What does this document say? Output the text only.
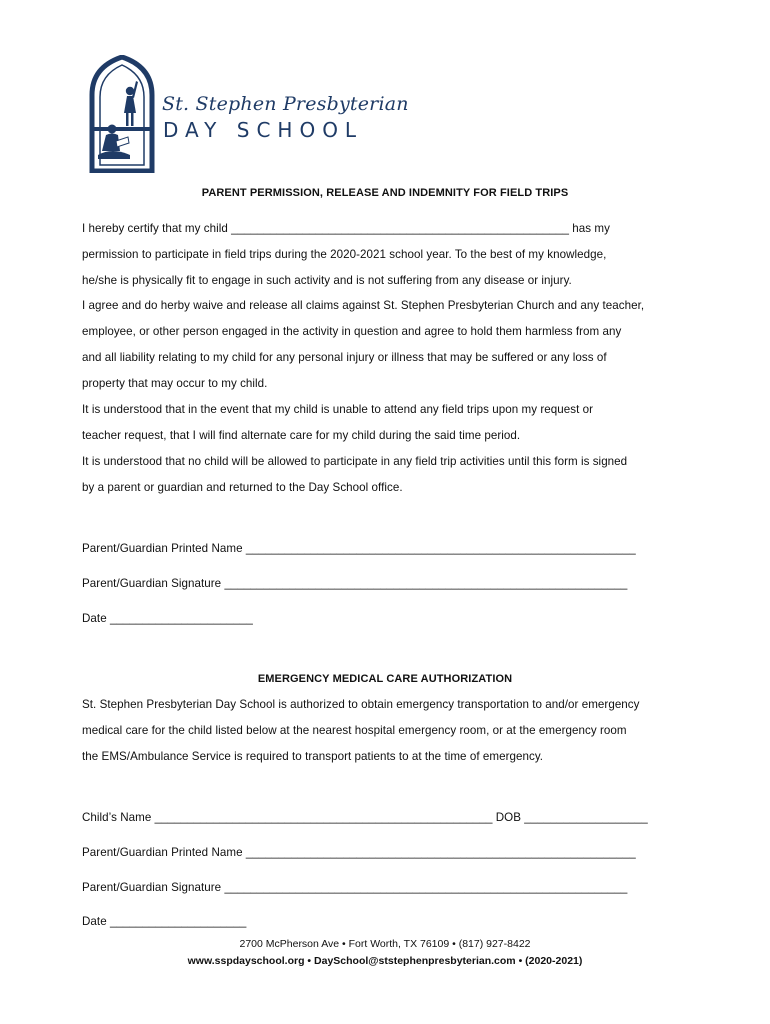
St. Stephen Presbyterian
DAY SCHOOL
PARENT PERMISSION, RELEASE AND INDEMNITY FOR FIELD TRIPS
I hereby certify that my child ____________________________________________________ has my
permission to participate in field trips during the 2020-2021 school year. To the best of my knowledge,
he/she is physically fit to engage in such activity and is not suffering from any disease or injury.
I agree and do herby waive and release all claims against St. Stephen Presbyterian Church and any teacher,
employee, or other person engaged in the activity in question and agree to hold them harmless from any
and all liability relating to my child for any personal injury or illness that may be suffered or any loss of
property that may occur to my child.
It is understood that in the event that my child is unable to attend any field trips upon my request or
teacher request, that I will find alternate care for my child during the said time period.
It is understood that no child will be allowed to participate in any field trip activities until this form is signed
by a parent or guardian and returned to the Day School office.
Parent/Guardian Printed Name ____________________________________________________________
Parent/Guardian Signature ______________________________________________________________
Date ______________________
EMERGENCY MEDICAL CARE AUTHORIZATION
St. Stephen Presbyterian Day School is authorized to obtain emergency transportation to and/or emergency
medical care for the child listed below at the nearest hospital emergency room, or at the emergency room
the EMS/Ambulance Service is required to transport patients to at the time of emergency.
Child’s Name ____________________________________________________ DOB ___________________
Parent/Guardian Printed Name ____________________________________________________________
Parent/Guardian Signature ______________________________________________________________
Date _____________________
2700 McPherson Ave • Fort Worth, TX 76109 • (817) 927-8422
www.sspdayschool.org • DaySchool@ststephenpresbyterian.com • (2020-2021)
